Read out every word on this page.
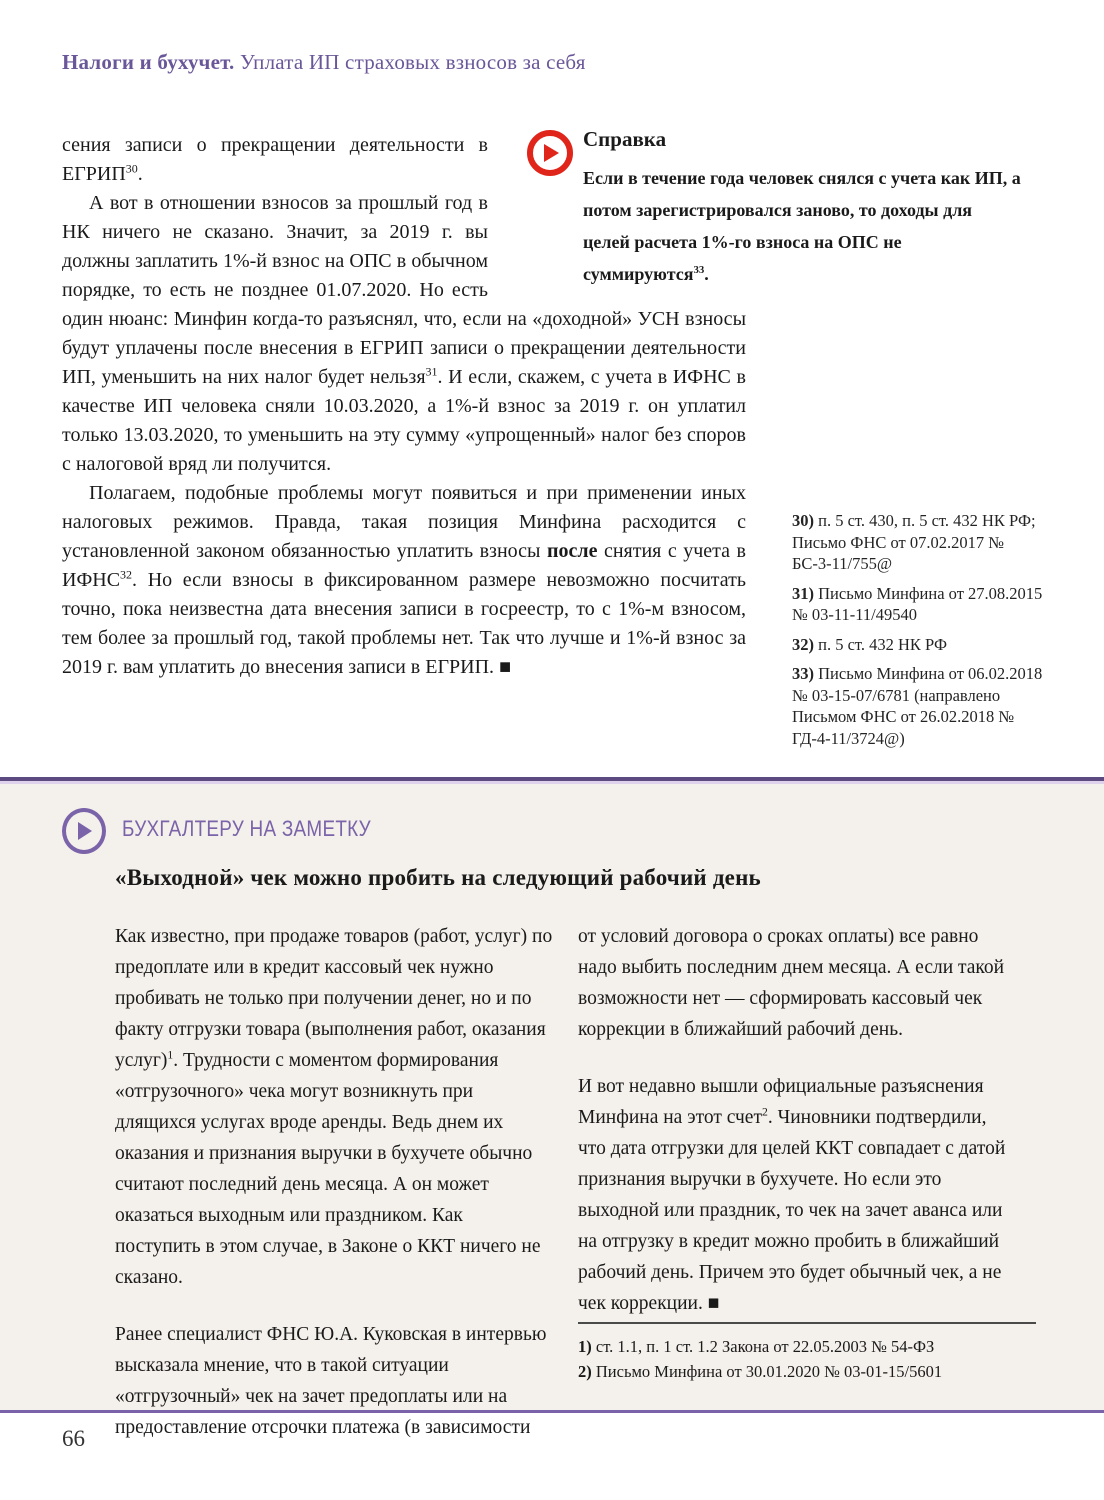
Налоги и бухучет. Уплата ИП страховых взносов за себя

сения записи о прекращении деятельности в ЕГРИП$^{30}$.

А вот в отношении взносов за прошлый год в НК ничего не сказано. Значит, за 2019 г. вы должны заплатить 1%-й взнос на ОПС в обычном порядке, то есть не позднее 01.07.2020. Но есть один нюанс: Минфин когда-то разъяснял, что, если на «доходной» УСН взносы будут уплачены после внесения в ЕГРИП записи о прекращении деятельности ИП, уменьшить на них налог будет нельзя$^{31}$. И если, скажем, с учета в ИФНС в качестве ИП человека сняли 10.03.2020, а 1%-й взнос за 2019 г. он уплатил только 13.03.2020, то уменьшить на эту сумму «упрощенный» налог без споров с налоговой вряд ли получится.

Полагаем, подобные проблемы могут появиться и при применении иных налоговых режимов. Правда, такая позиция Минфина расходится с установленной законом обязанностью уплатить взносы после снятия с учета в ИФНС$^{32}$. Но если взносы в фиксированном размере невозможно посчитать точно, пока неизвестна дата внесения записи в госреестр, то с 1%-м взносом, тем более за прошлый год, такой проблемы нет. Так что лучше и 1%-й взнос за 2019 г. вам уплатить до внесения записи в ЕГРИП. ■

Справка

Если в течение года человек снялся с учета как ИП, а потом зарегистрировался заново, то доходы для целей расчета 1%-го взноса на ОПС не суммируются$^{33}$.

30) п. 5 ст. 430, п. 5 ст. 432 НК РФ; Письмо ФНС от 07.02.2017 № БС-3-11/755@

31) Письмо Минфина от 27.08.2015 № 03-11-11/49540

32) п. 5 ст. 432 НК РФ

33) Письмо Минфина от 06.02.2018 № 03-15-07/6781 (направлено Письмом ФНС от 26.02.2018 № ГД-4-11/3724@)

БУХГАЛТЕРУ НА ЗАМЕТКУ
«Выходной» чек можно пробить на следующий рабочий день

Как известно, при продаже товаров (работ, услуг) по предоплате или в кредит кассовый чек нужно пробивать не только при получении денег, но и по факту отгрузки товара (выполнения работ, оказания услуг)$^1$. Трудности с моментом формирования «отгрузочного» чека могут возникнуть при длящихся услугах вроде аренды. Ведь днем их оказания и признания выручки в бухучете обычно считают последний день месяца. А он может оказаться выходным или праздником. Как поступить в этом случае, в Законе о ККТ ничего не сказано.

Ранее специалист ФНС Ю.А. Куковская в интервью высказала мнение, что в такой ситуации «отгрузочный» чек на зачет предоплаты или на предоставление отсрочки платежа (в зависимости

от условий договора о сроках оплаты) все равно надо выбить последним днем месяца. А если такой возможности нет — сформировать кассовый чек коррекции в ближайший рабочий день.

И вот недавно вышли официальные разъяснения Минфина на этот счет$^2$. Чиновники подтвердили, что дата отгрузки для целей ККТ совпадает с датой признания выручки в бухучете. Но если это выходной или праздник, то чек на зачет аванса или на отгрузку в кредит можно пробить в ближайший рабочий день. Причем это будет обычный чек, а не чек коррекции. ■

1) ст. 1.1, п. 1 ст. 1.2 Закона от 22.05.2003 № 54-ФЗ

2) Письмо Минфина от 30.01.2020 № 03-01-15/5601

66
